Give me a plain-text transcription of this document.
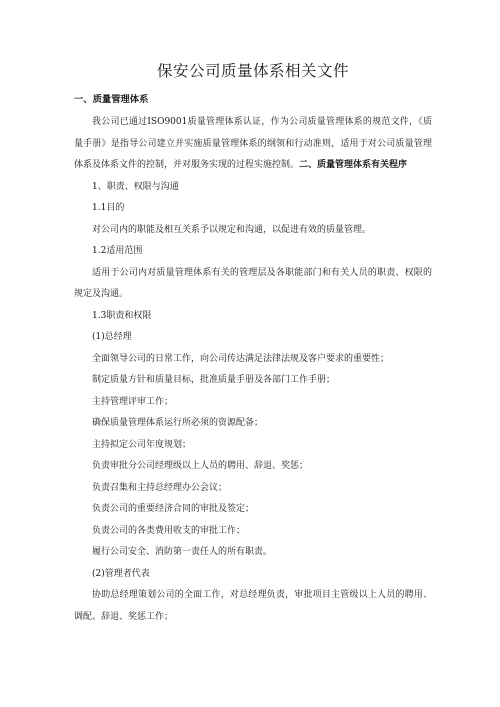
保安公司质量体系相关文件
一、质量管理体系

我公司已通过ISO9001质量管理体系认证，作为公司质量管理体系的规范文件，《质量手册》是指导公司建立并实施质量管理体系的纲领和行动准则，适用于对公司质量管理体系及体系文件的控制，并对服务实现的过程实施控制。二、质量管理体系有关程序

1、职责、权限与沟通

1.1目的

对公司内的职能及相互关系予以规定和沟通，以促进有效的质量管理。

1.2适用范围

适用于公司内对质量管理体系有关的管理层及各职能部门和有关人员的职责、权限的规定及沟通。

1.3职责和权限

(1)总经理

全面领导公司的日常工作，向公司传达满足法律法规及客户要求的重要性；

制定质量方针和质量目标，批准质量手册及各部门工作手册；

主持管理评审工作；

确保质量管理体系运行所必须的资源配备；

主持拟定公司年度规划；

负责审批分公司经理级以上人员的聘用、辞退、奖惩；

负责召集和主持总经理办公会议；

负责公司的重要经济合同的审批及签定；

负责公司的各类费用收支的审批工作；

履行公司安全、消防第一责任人的所有职责。

(2)管理者代表

协助总经理策划公司的全面工作，对总经理负责，审批项目主管级以上人员的聘用、调配、辞退、奖惩工作；
